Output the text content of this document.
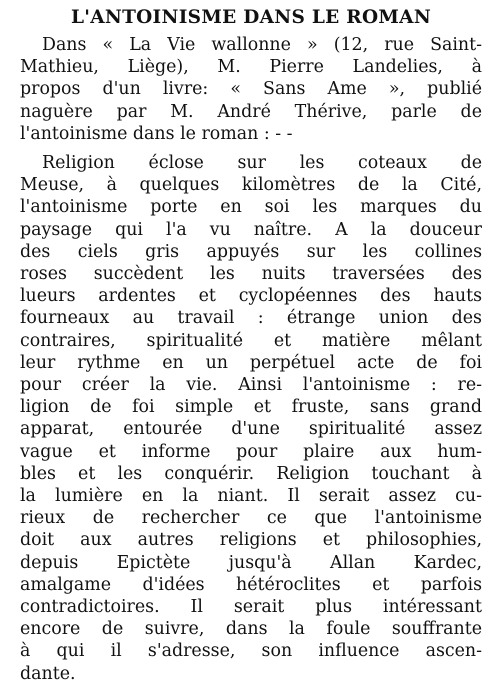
L'ANTOINISME DANS LE ROMAN

Dans « La Vie wallonne » (12, rue Saint-
Mathieu, Liège), M. Pierre Landelies, à
propos d'un livre: « Sans Ame », publié
naguère par M. André Thérive, parle de
l'antoinisme dans le roman : - -

Religion éclose sur les coteaux de
Meuse, à quelques kilomètres de la Cité,
l'antoinisme porte en soi les marques du
paysage qui l'a vu naître. A la douceur
des ciels gris appuyés sur les collines
roses succèdent les nuits traversées des
lueurs ardentes et cyclopéennes des hauts
fourneaux au travail : étrange union des
contraires, spiritualité et matière mêlant
leur rythme en un perpétuel acte de foi
pour créer la vie. Ainsi l'antoinisme : re-
ligion de foi simple et fruste, sans grand
apparat, entourée d'une spiritualité assez
vague et informe pour plaire aux hum-
bles et les conquérir. Religion touchant à
la lumière en la niant. Il serait assez cu-
rieux de rechercher ce que l'antoinisme
doit aux autres religions et philosophies,
depuis Epictète jusqu'à Allan Kardec,
amalgame d'idées hétéroclites et parfois
contradictoires. Il serait plus intéressant
encore de suivre, dans la foule souffrante
à qui il s'adresse, son influence ascen-
dante.
